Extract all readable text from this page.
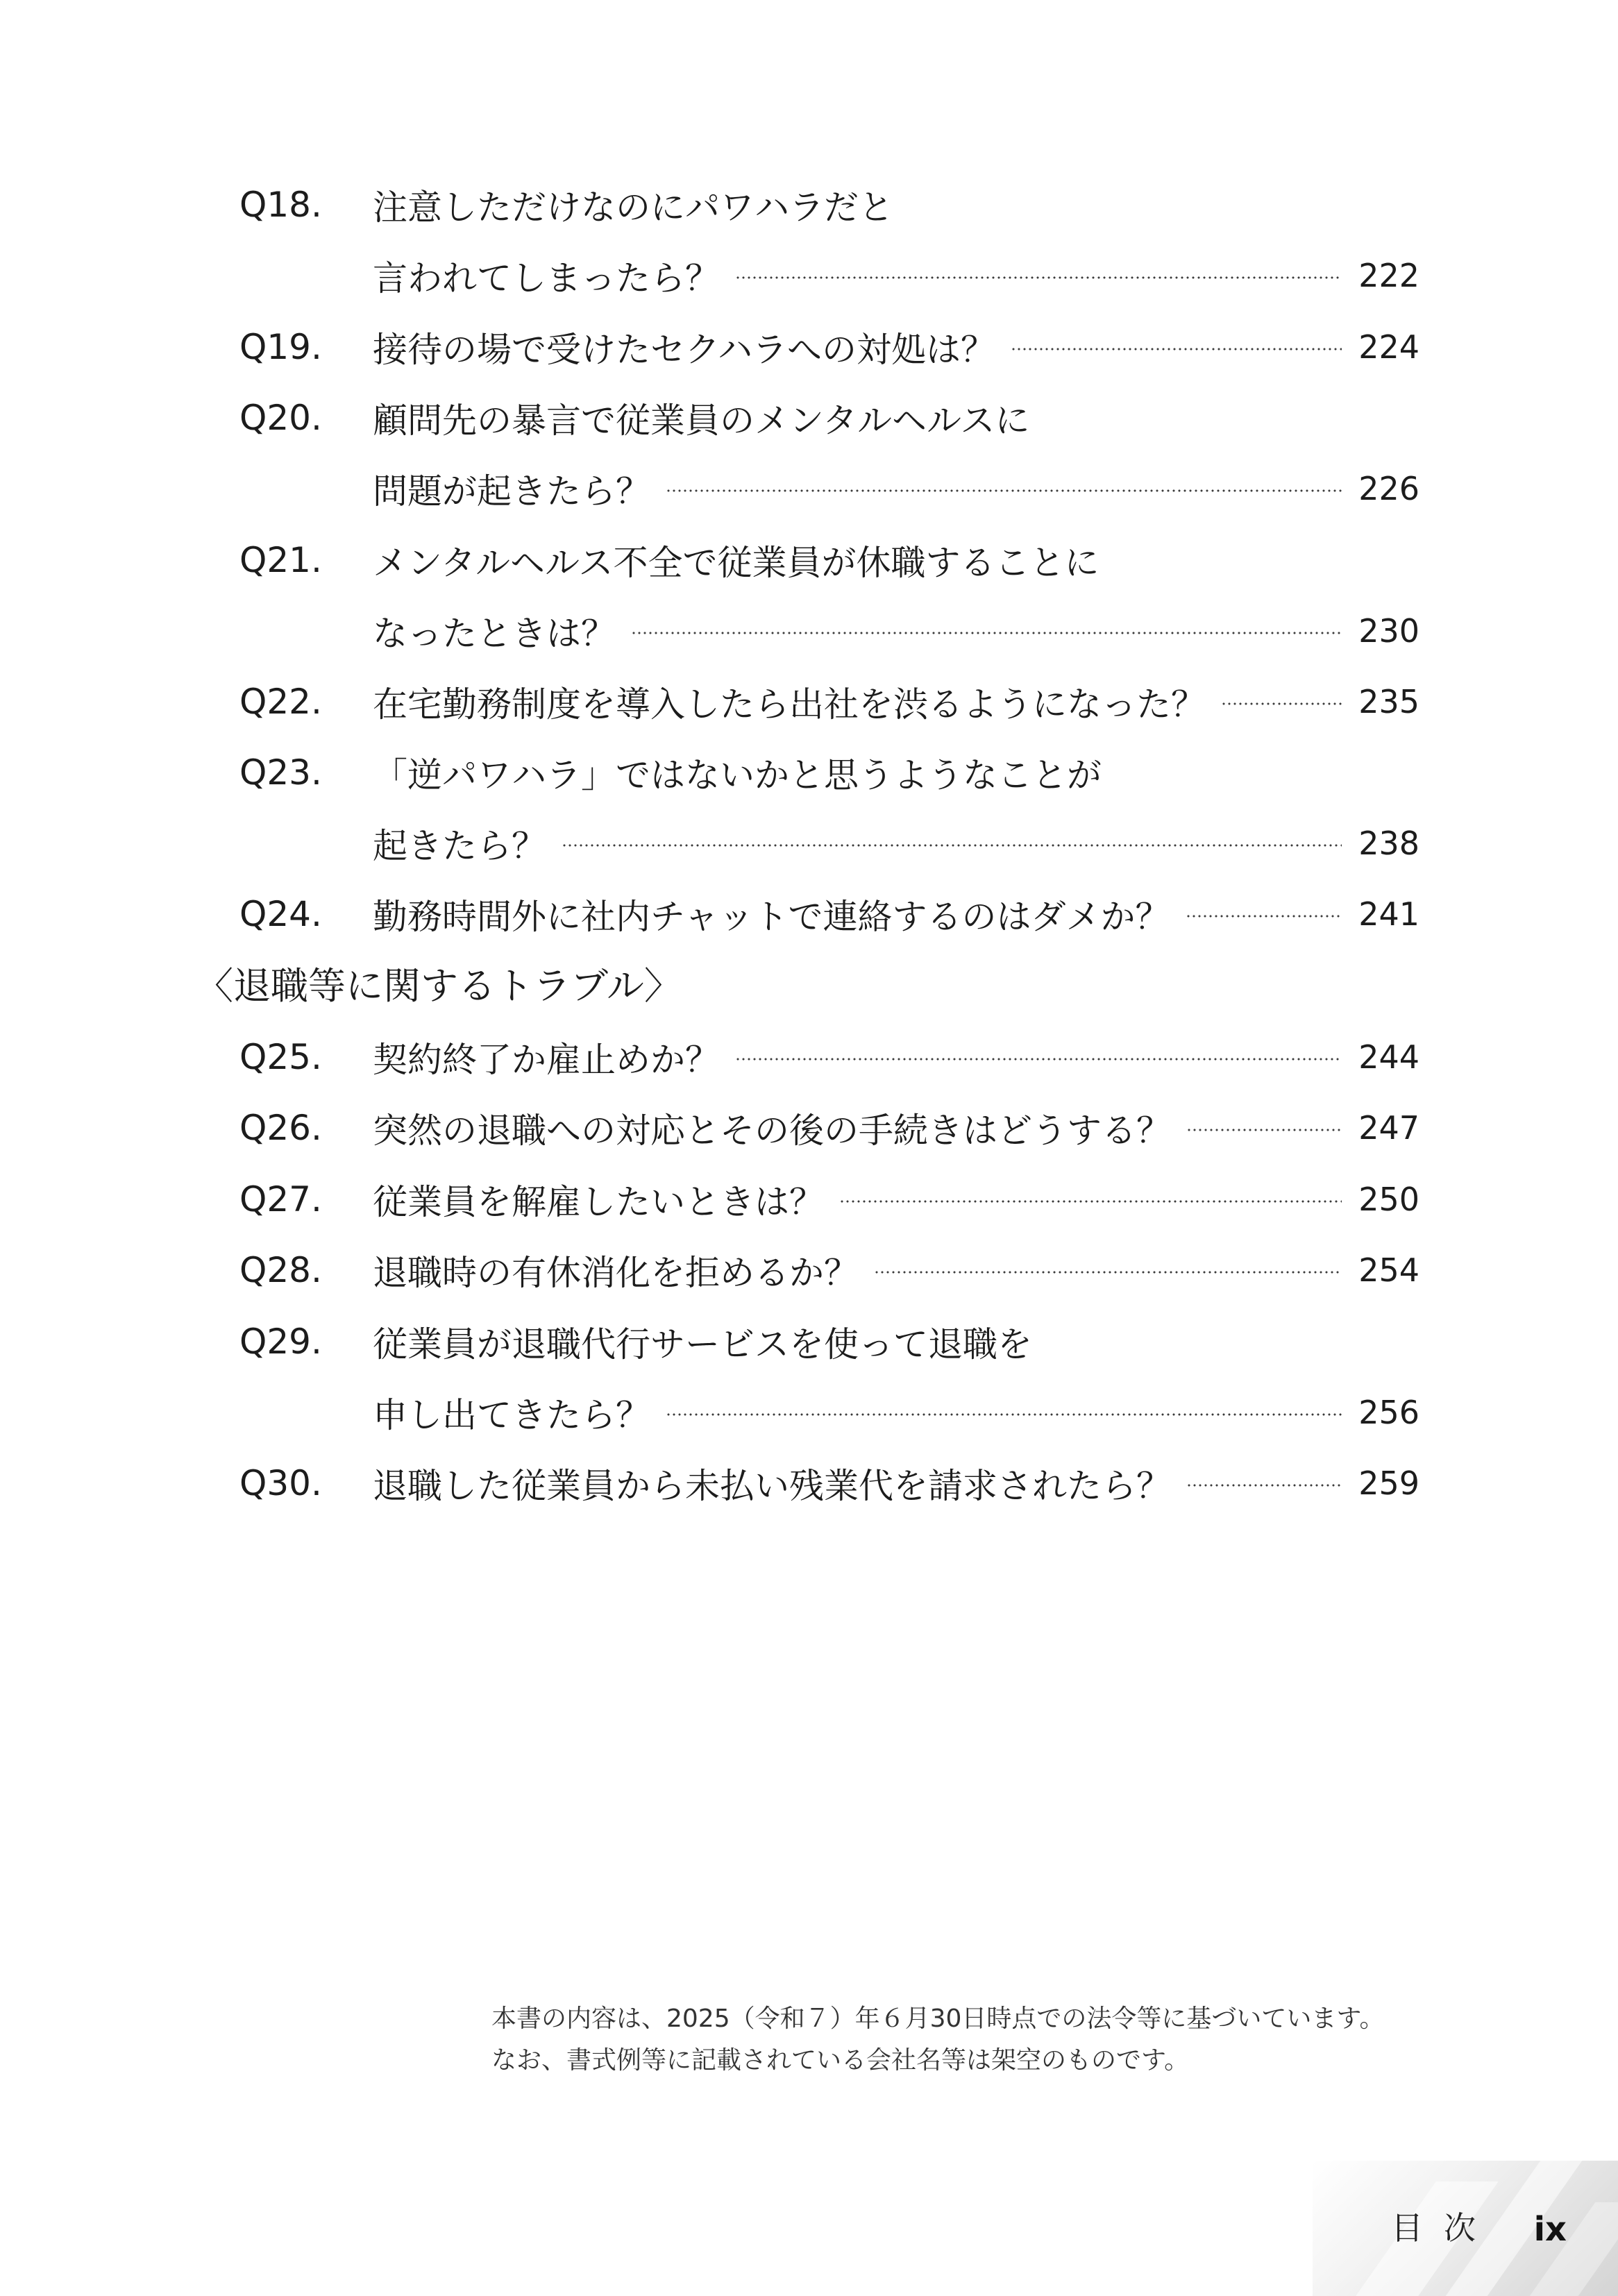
Q18.	注意しただけなのにパワハラだと
言われてしまったら？	222
Q19.	接待の場で受けたセクハラへの対処は？	224
Q20.	顧問先の暴言で従業員のメンタルヘルスに
問題が起きたら？	226
Q21.	メンタルヘルス不全で従業員が休職することに
なったときは？	230
Q22.	在宅勤務制度を導入したら出社を渋るようになった？	235
Q23.	「逆パワハラ」ではないかと思うようなことが
起きたら？	238
Q24.	勤務時間外に社内チャットで連絡するのはダメか？	241
〈退職等に関するトラブル〉
Q25.	契約終了か雇止めか？	244
Q26.	突然の退職への対応とその後の手続きはどうする？	247
Q27.	従業員を解雇したいときは？	250
Q28.	退職時の有休消化を拒めるか？	254
Q29.	従業員が退職代行サービスを使って退職を
申し出てきたら？	256
Q30.	退職した従業員から未払い残業代を請求されたら？	259
本書の内容は、2025（令和７）年６月30日時点での法令等に基づいています。
なお、書式例等に記載されている会社名等は架空のものです。
目次 ix
